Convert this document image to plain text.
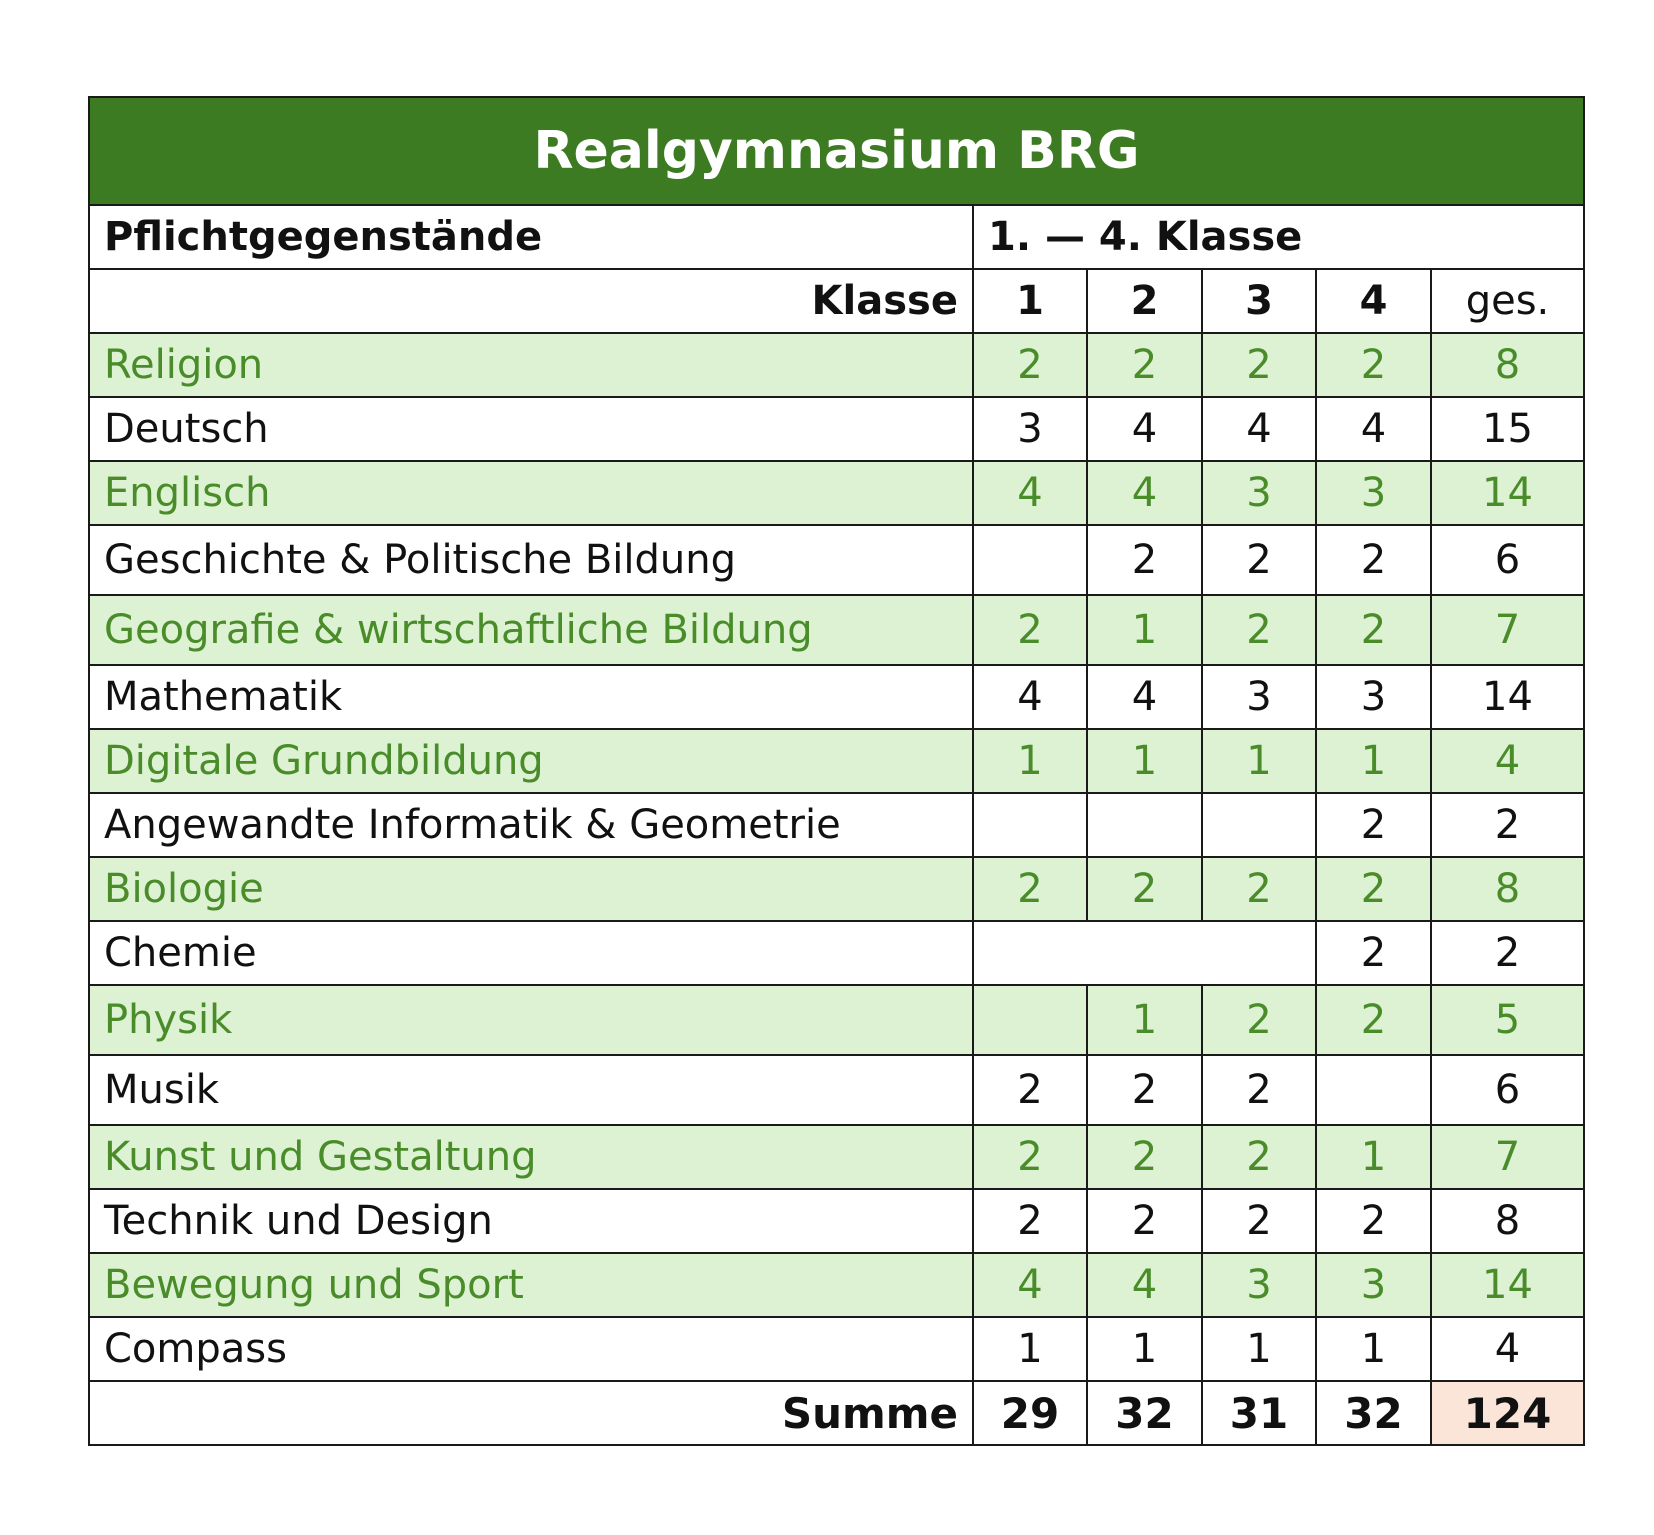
Realgymnasium BRG					
Pflichtgegenstände	1. — 4. Klasse				
Klasse	1	2	3	4	ges.
Religion	2	2	2	2	8
Deutsch	3	4	4	4	15
Englisch	4	4	3	3	14
Geschichte & Politische Bildung		2	2	2	6
Geografie & wirtschaftliche Bildung	2	1	2	2	7
Mathematik	4	4	3	3	14
Digitale Grundbildung	1	1	1	1	4
Angewandte Informatik & Geometrie				2	2
Biologie	2	2	2	2	8
Chemie				2	2
Physik		1	2	2	5
Musik	2	2	2		6
Kunst und Gestaltung	2	2	2	1	7
Technik und Design	2	2	2	2	8
Bewegung und Sport	4	4	3	3	14
Compass	1	1	1	1	4
Summe	29	32	31	32	124
